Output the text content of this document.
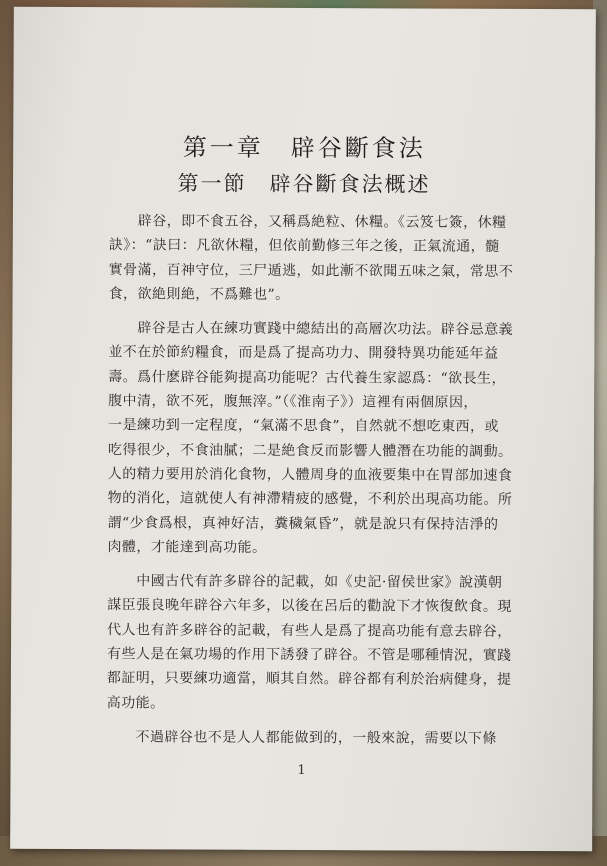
第一章　辟谷斷食法
第一節　辟谷斷食法概述
　　辟谷，即不食五谷，又稱爲絶粒、休糧。《云笈七簽，休糧
訣》：“訣曰：凡欲休糧，但依前勤修三年之後，正氣流通，髓
實骨滿，百神守位，三尸遁逃，如此漸不欲聞五味之氣，常思不
食，欲絶則絶，不爲難也”。
　　辟谷是古人在練功實踐中總結出的高層次功法。辟谷忌意義
並不在於節約糧食，而是爲了提高功力、開發特異功能延年益
壽。爲什麽辟谷能夠提高功能呢？古代養生家認爲：“欲長生，
腹中清，欲不死，腹無滓。”（《淮南子》）這裡有兩個原因，
一是練功到一定程度，“氣滿不思食”，自然就不想吃東西，或
吃得很少，不食油膩；二是絶食反而影響人體潛在功能的調動。
人的精力要用於消化食物，人體周身的血液要集中在胃部加速食
物的消化，這就使人有神滯精疲的感覺，不利於出現高功能。所
謂“少食爲根，真神好洁，糞穢氣昏”，就是說只有保持洁淨的
肉體，才能達到高功能。
　　中國古代有許多辟谷的記載，如《史記·留侯世家》說漢朝
謀臣張良晚年辟谷六年多，以後在呂后的勸說下才恢復飲食。現
代人也有許多辟谷的記載，有些人是爲了提高功能有意去辟谷，
有些人是在氣功場的作用下誘發了辟谷。不管是哪種情況，實踐
都証明，只要練功適當，順其自然。辟谷都有利於治病健身，提
高功能。
　　不過辟谷也不是人人都能做到的，一般來說，需要以下條
1
